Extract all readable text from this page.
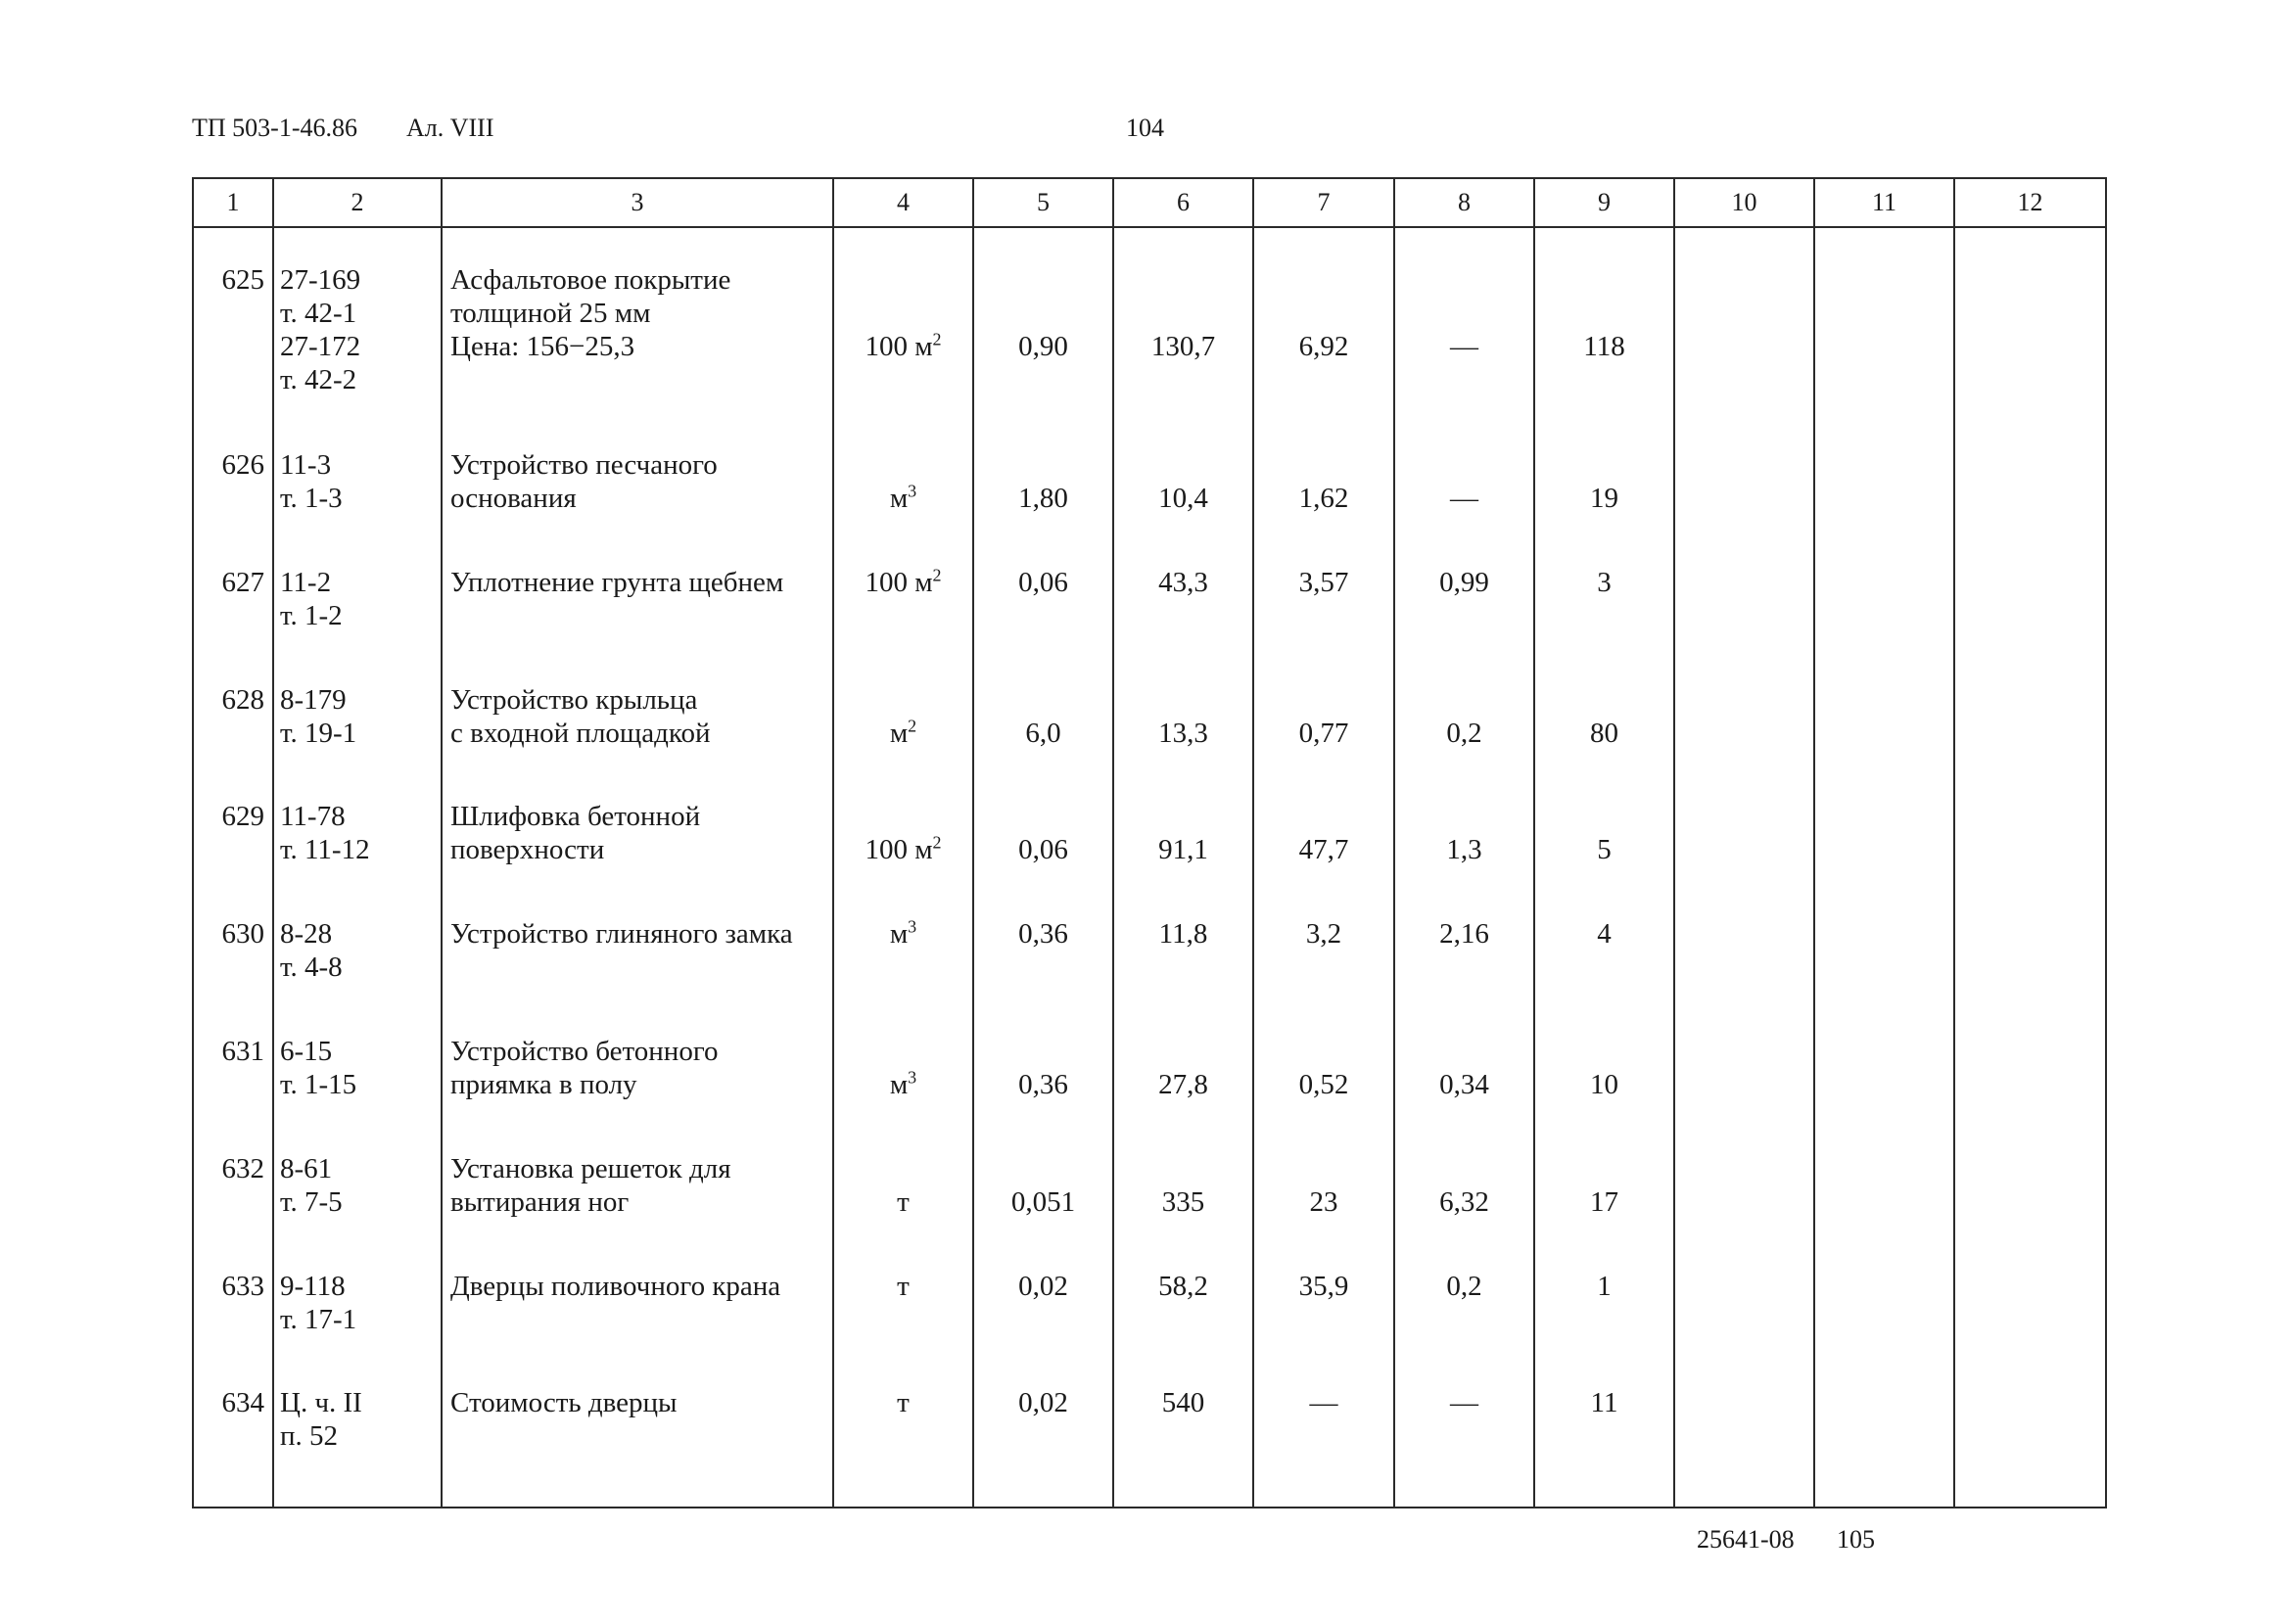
ТП 503-1-46.86 Ал. VIII	104
1	2	3	4	5	6	7	8	9	10	11	12

625	27-169
т. 42-1
27-172
т. 42-2	Асфальтовое покрытие
толщиной 25 мм
Цена: 156−25,3	100 $м^2$	0,90	130,7	6,92	—	118			

626	11-3
т. 1-3	Устройство песчаного
основания	$м^3$	1,80	10,4	1,62	—	19			

627	11-2
т. 1-2	Уплотнение грунта щебнем	100 $м^2$	0,06	43,3	3,57	0,99	3			

628	8-179
т. 19-1	Устройство крыльца
с входной площадкой	$м^2$	6,0	13,3	0,77	0,2	80			

629	11-78
т. 11-12	Шлифовка бетонной
поверхности	100 $м^2$	0,06	91,1	47,7	1,3	5			

630	8-28
т. 4-8	Устройство глиняного замка	$м^3$	0,36	11,8	3,2	2,16	4			

631	6-15
т. 1-15	Устройство бетонного
приямка в полу	$м^3$	0,36	27,8	0,52	0,34	10			

632	8-61
т. 7-5	Установка решеток для
вытирания ног	т	0,051	335	23	6,32	17			

633	9-118
т. 17-1	Дверцы поливочного крана	т	0,02	58,2	35,9	0,2	1			

634	Ц. ч. II
п. 52	Стоимость дверцы	т	0,02	540	—	—	11			

25641-08 105
